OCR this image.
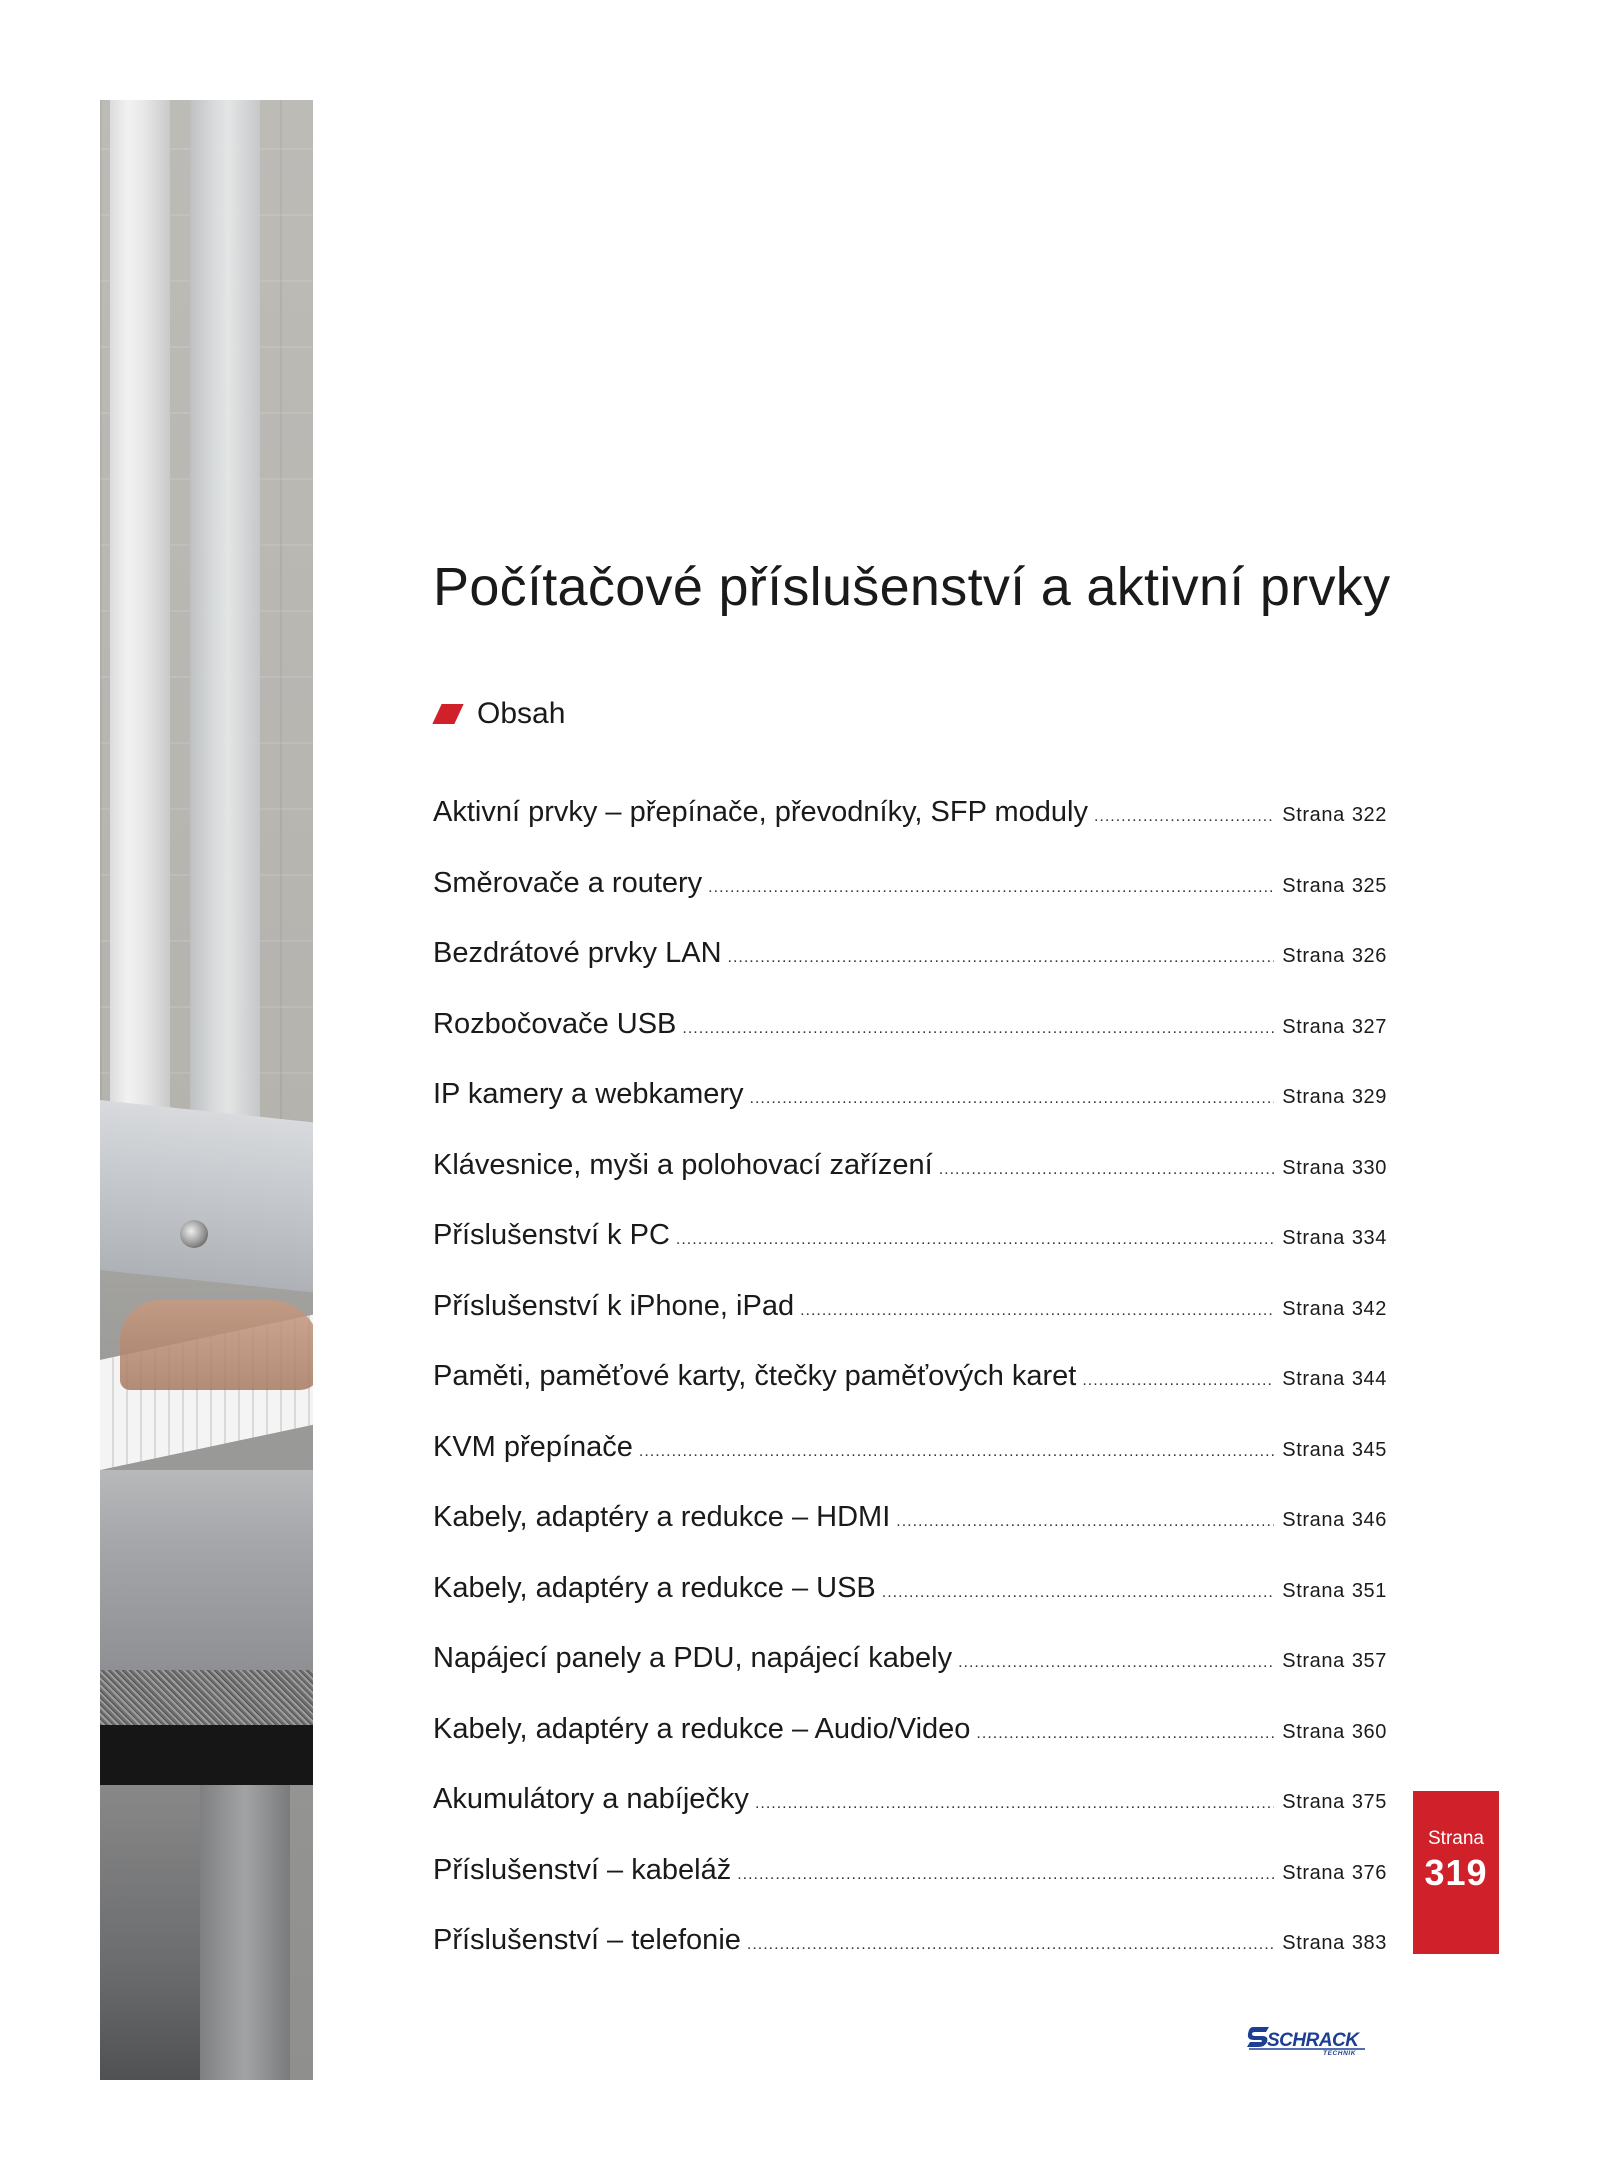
Počítačové příslušenství a aktivní prvky
Obsah
Aktivní prvky – přepínače, převodníky, SFP moduly .....	Strana 322
Směrovače a routery .....	Strana 325
Bezdrátové prvky LAN .....	Strana 326
Rozbočovače USB .....	Strana 327
IP kamery a webkamery .....	Strana 329
Klávesnice, myši a polohovací zařízení .....	Strana 330
Příslušenství k PC .....	Strana 334
Příslušenství k iPhone, iPad .....	Strana 342
Paměti, paměťové karty, čtečky paměťových karet .....	Strana 344
KVM přepínače .....	Strana 345
Kabely, adaptéry a redukce – HDMI .....	Strana 346
Kabely, adaptéry a redukce – USB .....	Strana 351
Napájecí panely a PDU, napájecí kabely .....	Strana 357
Kabely, adaptéry a redukce – Audio/Video .....	Strana 360
Akumulátory a nabíječky .....	Strana 375
Příslušenství – kabeláž .....	Strana 376
Příslušenství – telefonie .....	Strana 383
Strana
319
SCHRACK
TECHNIK
